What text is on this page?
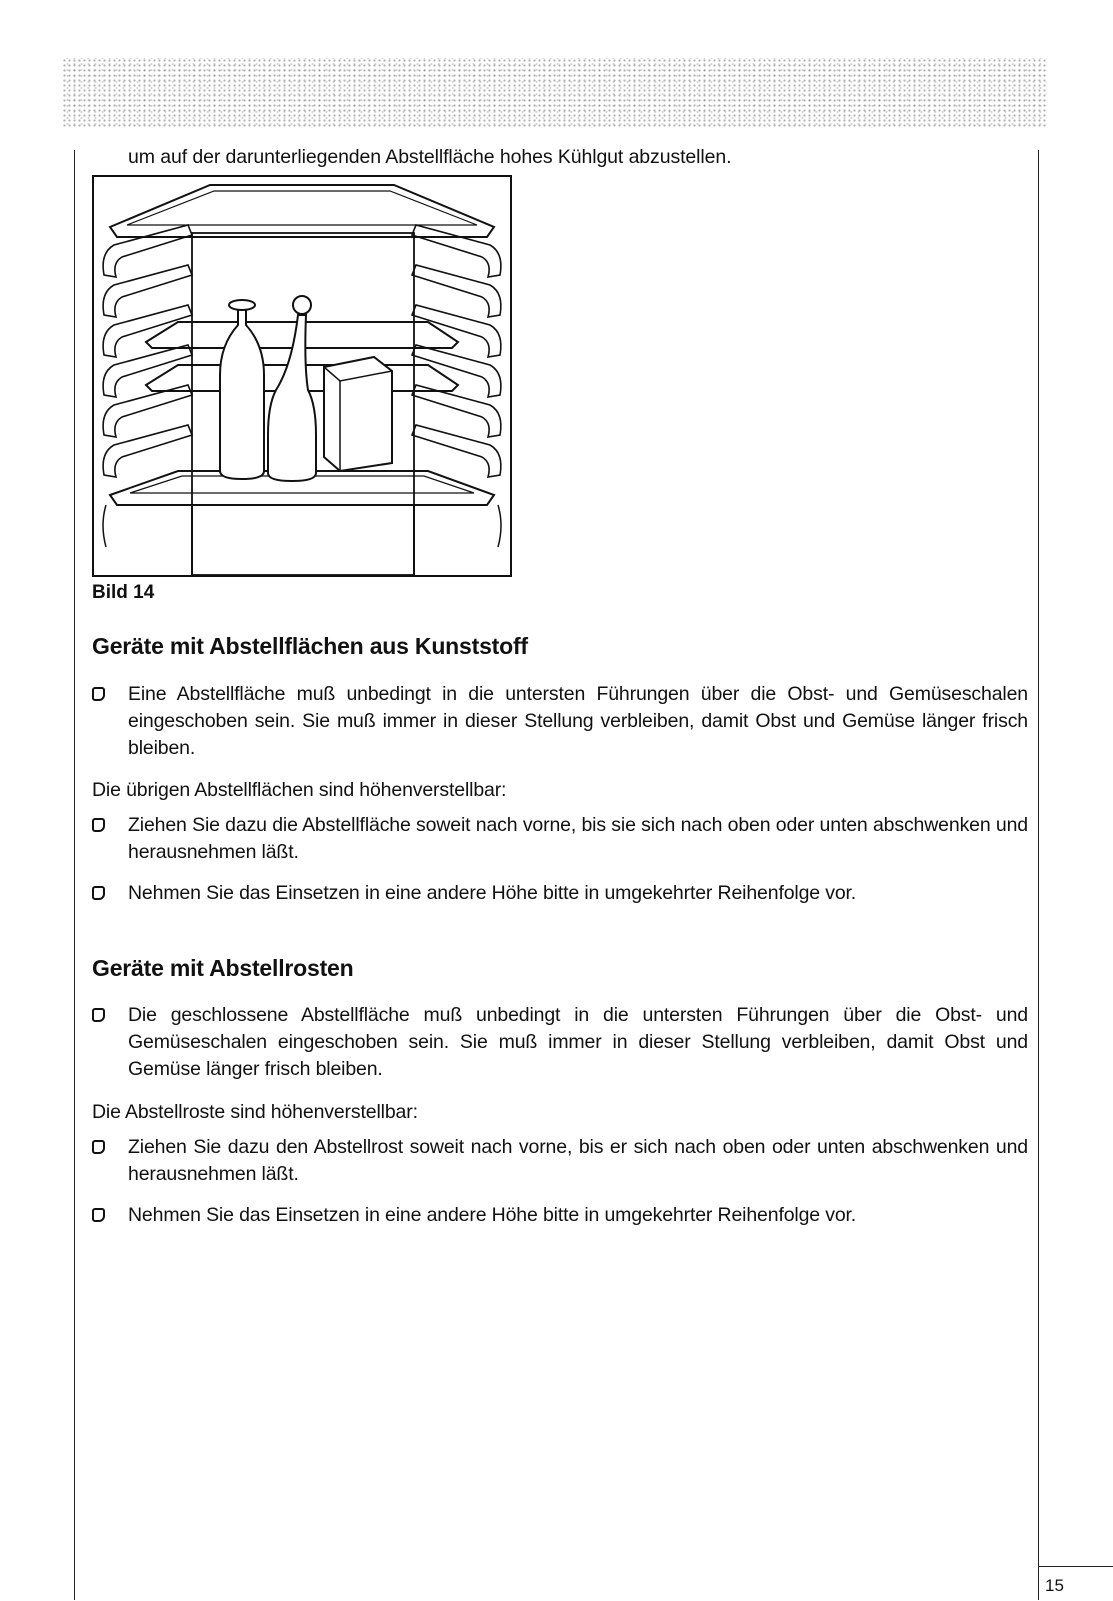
um auf der darunterliegenden Abstellfläche hohes Kühlgut abzustellen.
Bild 14
Geräte mit Abstellflächen aus Kunststoff
Eine Abstellfläche muß unbedingt in die untersten Führungen über die Obst- und Gemüseschalen eingeschoben sein. Sie muß immer in dieser Stellung verbleiben, damit Obst und Gemüse länger frisch bleiben.
Die übrigen Abstellflächen sind höhenverstellbar:
Ziehen Sie dazu die Abstellfläche soweit nach vorne, bis sie sich nach oben oder unten abschwenken und herausnehmen läßt.
Nehmen Sie das Einsetzen in eine andere Höhe bitte in umgekehrter Reihenfolge vor.
Geräte mit Abstellrosten
Die geschlossene Abstellfläche muß unbedingt in die untersten Führungen über die Obst- und Gemüseschalen eingeschoben sein. Sie muß immer in dieser Stellung verbleiben, damit Obst und Gemüse länger frisch bleiben.
Die Abstellroste sind höhenverstellbar:
Ziehen Sie dazu den Abstellrost soweit nach vorne, bis er sich nach oben oder unten abschwenken und herausnehmen läßt.
Nehmen Sie das Einsetzen in eine andere Höhe bitte in umgekehrter Reihenfolge vor.
15
